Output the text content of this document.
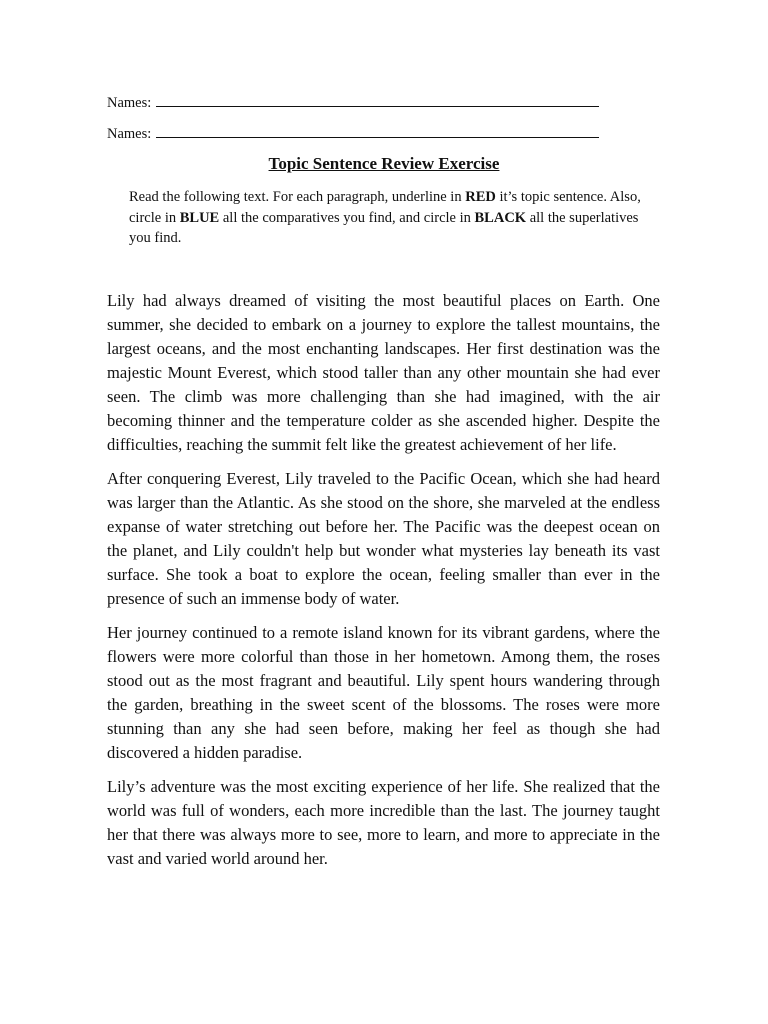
Names:
Names:
Topic Sentence Review Exercise
Read the following text. For each paragraph, underline in RED it’s topic sentence. Also, circle in BLUE all the comparatives you find, and circle in BLACK all the superlatives you find.

Lily had always dreamed of visiting the most beautiful places on Earth. One summer, she decided to embark on a journey to explore the tallest mountains, the largest oceans, and the most enchanting landscapes. Her first destination was the majestic Mount Everest, which stood taller than any other mountain she had ever seen. The climb was more challenging than she had imagined, with the air becoming thinner and the temperature colder as she ascended higher. Despite the difficulties, reaching the summit felt like the greatest achievement of her life.

After conquering Everest, Lily traveled to the Pacific Ocean, which she had heard was larger than the Atlantic. As she stood on the shore, she marveled at the endless expanse of water stretching out before her. The Pacific was the deepest ocean on the planet, and Lily couldn't help but wonder what mysteries lay beneath its vast surface. She took a boat to explore the ocean, feeling smaller than ever in the presence of such an immense body of water.

Her journey continued to a remote island known for its vibrant gardens, where the flowers were more colorful than those in her hometown. Among them, the roses stood out as the most fragrant and beautiful. Lily spent hours wandering through the garden, breathing in the sweet scent of the blossoms. The roses were more stunning than any she had seen before, making her feel as though she had discovered a hidden paradise.

Lily’s adventure was the most exciting experience of her life. She realized that the world was full of wonders, each more incredible than the last. The journey taught her that there was always more to see, more to learn, and more to appreciate in the vast and varied world around her.
